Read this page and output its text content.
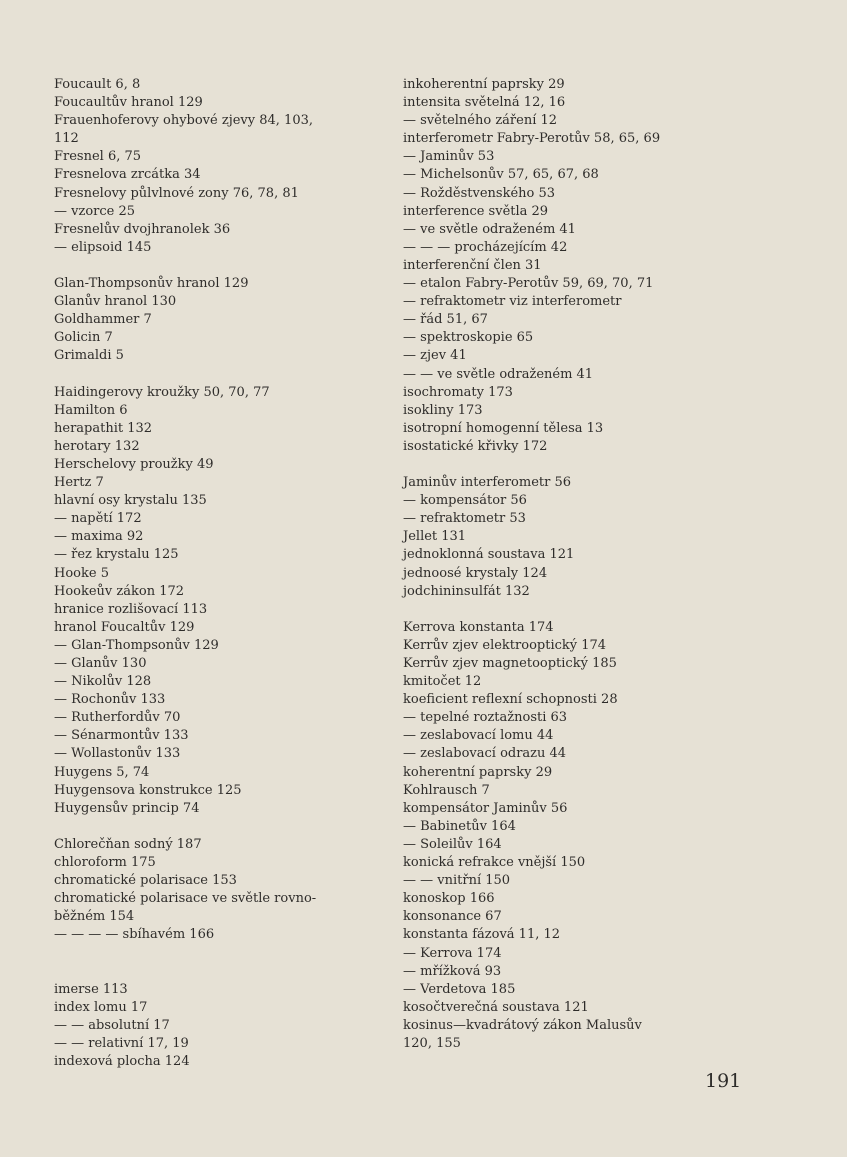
Foucault 6, 8
Foucaultův hranol 129
Frauenhoferovy ohybové zjevy 84, 103,
112
Fresnel 6, 75
Fresnelova zrcátka 34
Fresnelovy půlvlnové zony 76, 78, 81
— vzorce 25
Fresnelův dvojhranolek 36
— elipsoid 145
Glan-Thompsonův hranol 129
Glanův hranol 130
Goldhammer 7
Golicin 7
Grimaldi 5
Haidingerovy kroužky 50, 70, 77
Hamilton 6
herapathit 132
herotary 132
Herschelovy proužky 49
Hertz 7
hlavní osy krystalu 135
— napětí 172
— maxima 92
— řez krystalu 125
Hooke 5
Hookeův zákon 172
hranice rozlišovací 113
hranol Foucaltův 129
— Glan-Thompsonův 129
— Glanův 130
— Nikolův 128
— Rochonův 133
— Rutherfordův 70
— Sénarmontův 133
— Wollastonův 133
Huygens 5, 74
Huygensova konstrukce 125
Huygensův princip 74
Chlorečňan sodný 187
chloroform 175
chromatické polarisace 153
chromatické polarisace ve světle rovno-
běžném 154
— — — — sbíhavém 166
imerse 113
index lomu 17
— — absolutní 17
— — relativní 17, 19
indexová plocha 124
inkoherentní paprsky 29
intensita světelná 12, 16
— světelného záření 12
interferometr Fabry-Perotův 58, 65, 69
— Jaminův 53
— Michelsonův 57, 65, 67, 68
— Rožděstvenského 53
interference světla 29
— ve světle odraženém 41
— — — procházejícím 42
interferenční člen 31
— etalon Fabry-Perotův 59, 69, 70, 71
— refraktometr viz interferometr
— řád 51, 67
— spektroskopie 65
— zjev 41
— — ve světle odraženém 41
isochromaty 173
isokliny 173
isotropní homogenní tělesa 13
isostatické křivky 172
Jaminův interferometr 56
— kompensátor 56
— refraktometr 53
Jellet 131
jednoklonná soustava 121
jednoosé krystaly 124
jodchininsulfát 132
Kerrova konstanta 174
Kerrův zjev elektrooptický 174
Kerrův zjev magnetooptický 185
kmitočet 12
koeficient reflexní schopnosti 28
— tepelné roztažnosti 63
— zeslabovací lomu 44
— zeslabovací odrazu 44
koherentní paprsky 29
Kohlrausch 7
kompensátor Jaminův 56
— Babinetův 164
— Soleilův 164
konická refrakce vnější 150
— — vnitřní 150
konoskop 166
konsonance 67
konstanta fázová 11, 12
— Kerrova 174
— mřížková 93
— Verdetova 185
kosočtverečná soustava 121
kosinus—kvadrátový zákon Malusův
120, 155
191
